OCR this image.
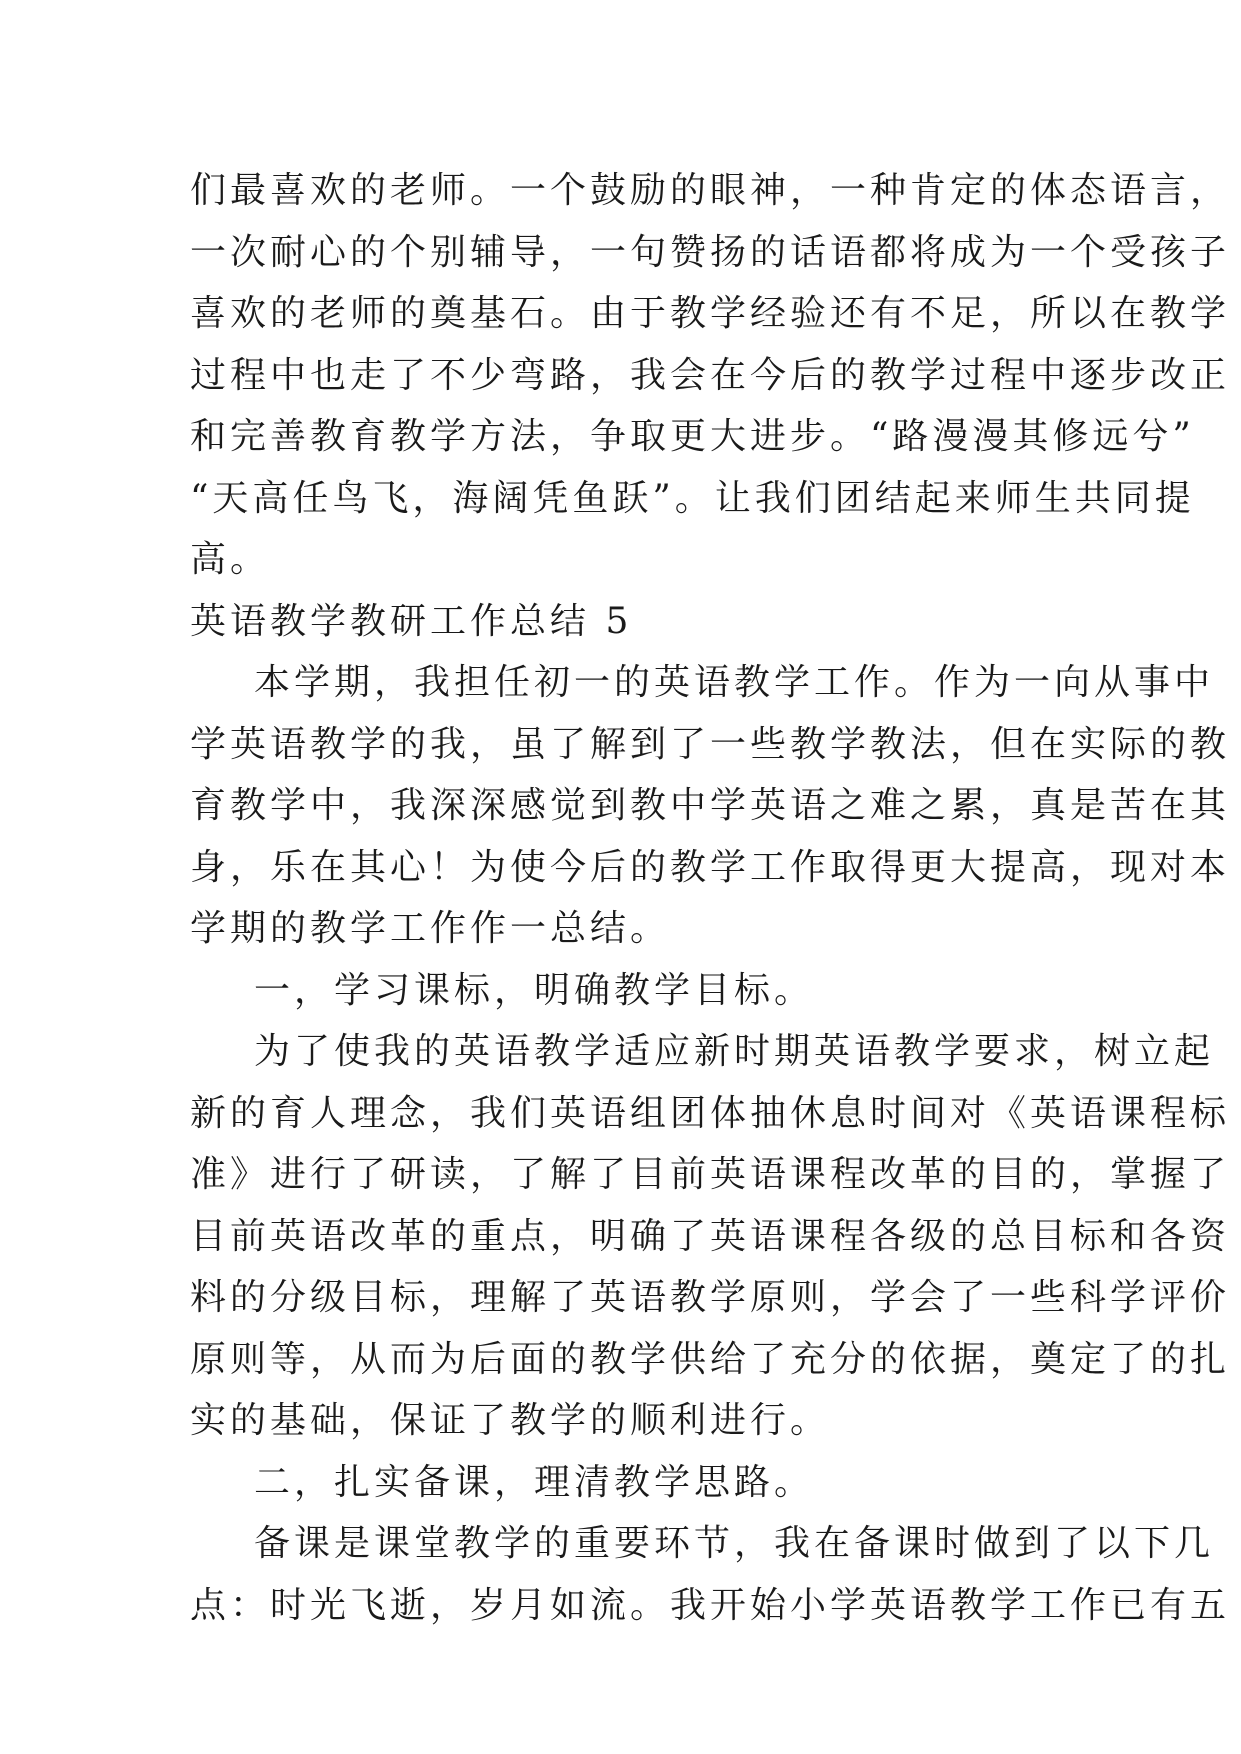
们最喜欢的老师。一个鼓励的眼神，一种肯定的体态语言，
一次耐心的个别辅导，一句赞扬的话语都将成为一个受孩子
喜欢的老师的奠基石。由于教学经验还有不足，所以在教学
过程中也走了不少弯路，我会在今后的教学过程中逐步改正
和完善教育教学方法，争取更大进步。“路漫漫其修远兮”
“天高任鸟飞，海阔凭鱼跃”。让我们团结起来师生共同提
高。
英语教学教研工作总结 5
本学期，我担任初一的英语教学工作。作为一向从事中
学英语教学的我，虽了解到了一些教学教法，但在实际的教
育教学中，我深深感觉到教中学英语之难之累，真是苦在其
身，乐在其心！为使今后的教学工作取得更大提高，现对本
学期的教学工作作一总结。
一，学习课标，明确教学目标。
为了使我的英语教学适应新时期英语教学要求，树立起
新的育人理念，我们英语组团体抽休息时间对《英语课程标
准》进行了研读，了解了目前英语课程改革的目的，掌握了
目前英语改革的重点，明确了英语课程各级的总目标和各资
料的分级目标，理解了英语教学原则，学会了一些科学评价
原则等，从而为后面的教学供给了充分的依据，奠定了的扎
实的基础，保证了教学的顺利进行。
二，扎实备课，理清教学思路。
备课是课堂教学的重要环节，我在备课时做到了以下几
点：时光飞逝，岁月如流。我开始小学英语教学工作已有五
